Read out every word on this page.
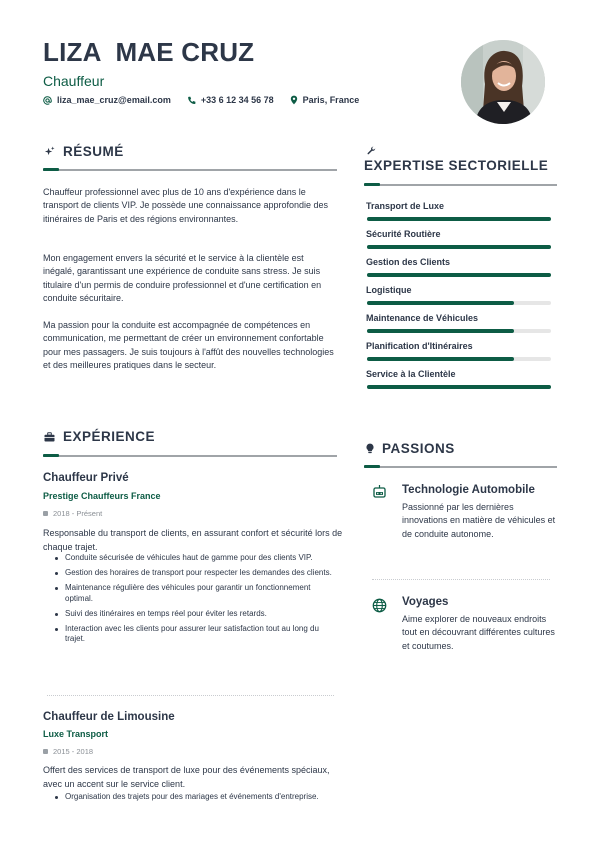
LIZA  MAE CRUZ
Chauffeur
liza_mae_cruz@email.com	+33 6 12 34 56 78	Paris, France
RÉSUMÉ
Chauffeur professionnel avec plus de 10 ans d'expérience dans le transport de clients VIP. Je possède une connaissance approfondie des itinéraires de Paris et des régions environnantes.
Mon engagement envers la sécurité et le service à la clientèle est inégalé, garantissant une expérience de conduite sans stress. Je suis titulaire d'un permis de conduire professionnel et d'une certification en conduite sécuritaire.
Ma passion pour la conduite est accompagnée de compétences en communication, me permettant de créer un environnement confortable pour mes passagers. Je suis toujours à l'affût des nouvelles technologies et des meilleures pratiques dans le secteur.
EXPERTISE SECTORIELLE
Transport de Luxe
Sécurité Routière
Gestion des Clients
Logistique
Maintenance de Véhicules
Planification d'Itinéraires
Service à la Clientèle
EXPÉRIENCE
Chauffeur Privé
Prestige Chauffeurs France
2018 - Présent
Responsable du transport de clients, en assurant confort et sécurité lors de chaque trajet.
Conduite sécurisée de véhicules haut de gamme pour des clients VIP.
Gestion des horaires de transport pour respecter les demandes des clients.
Maintenance régulière des véhicules pour garantir un fonctionnement optimal.
Suivi des itinéraires en temps réel pour éviter les retards.
Interaction avec les clients pour assurer leur satisfaction tout au long du trajet.
Chauffeur de Limousine
Luxe Transport
2015 - 2018
Offert des services de transport de luxe pour des événements spéciaux, avec un accent sur le service client.
Organisation des trajets pour des mariages et événements d'entreprise.
PASSIONS
Technologie Automobile
Passionné par les dernières innovations en matière de véhicules et de conduite autonome.
Voyages
Aime explorer de nouveaux endroits tout en découvrant différentes cultures et coutumes.
